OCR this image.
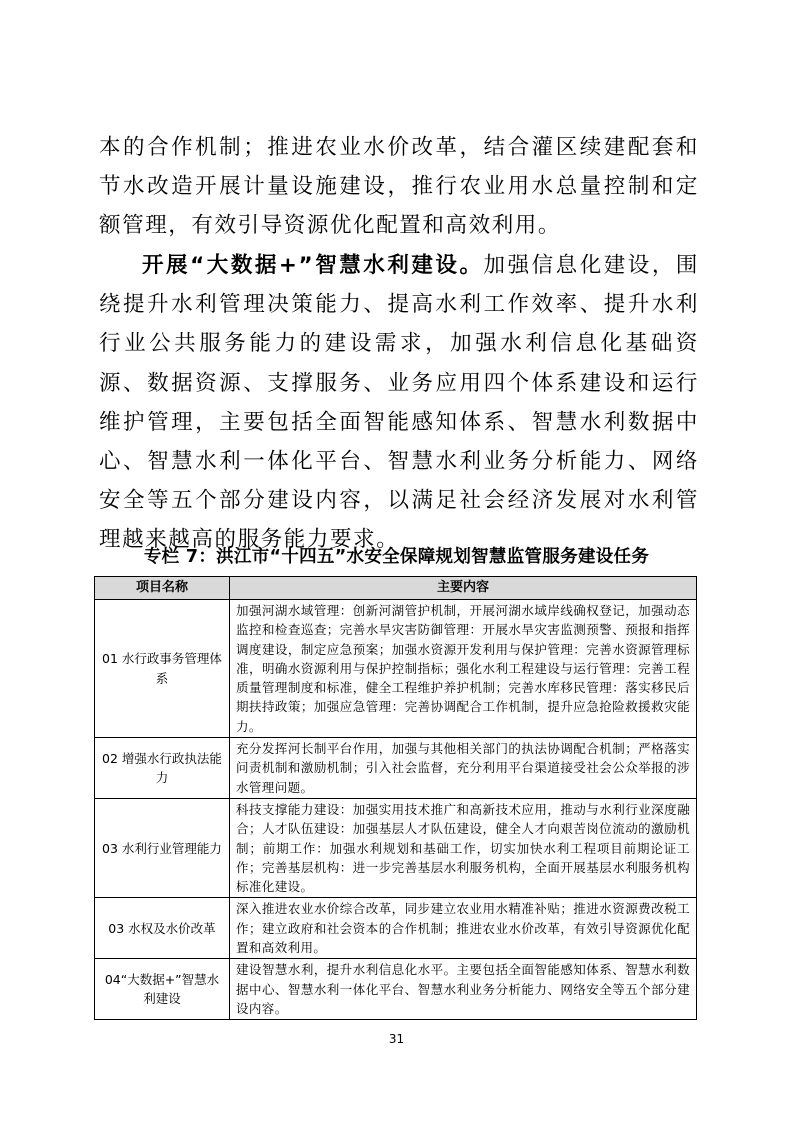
本的合作机制；推进农业水价改革，结合灌区续建配套和节水改造开展计量设施建设，推行农业用水总量控制和定额管理，有效引导资源优化配置和高效利用。

开展“大数据+”智慧水利建设。加强信息化建设，围绕提升水利管理决策能力、提高水利工作效率、提升水利行业公共服务能力的建设需求，加强水利信息化基础资源、数据资源、支撑服务、业务应用四个体系建设和运行维护管理，主要包括全面智能感知体系、智慧水利数据中心、智慧水利一体化平台、智慧水利业务分析能力、网络安全等五个部分建设内容，以满足社会经济发展对水利管理越来越高的服务能力要求。

专栏 7：洪江市“十四五”水安全保障规划智慧监管服务建设任务
项目名称	主要内容
01 水行政事务管理体系	加强河湖水域管理：创新河湖管护机制，开展河湖水域岸线确权登记，加强动态监控和检查巡查；完善水旱灾害防御管理：开展水旱灾害监测预警、预报和指挥调度建设，制定应急预案；加强水资源开发利用与保护管理：完善水资源管理标准，明确水资源利用与保护控制指标；强化水利工程建设与运行管理：完善工程质量管理制度和标准，健全工程维护养护机制；完善水库移民管理：落实移民后期扶持政策；加强应急管理：完善协调配合工作机制，提升应急抢险救援救灾能力。
02 增强水行政执法能力	充分发挥河长制平台作用，加强与其他相关部门的执法协调配合机制；严格落实问责机制和激励机制；引入社会监督，充分利用平台渠道接受社会公众举报的涉水管理问题。
03 水利行业管理能力	科技支撑能力建设：加强实用技术推广和高新技术应用，推动与水利行业深度融合；人才队伍建设：加强基层人才队伍建设，健全人才向艰苦岗位流动的激励机制；前期工作：加强水利规划和基础工作，切实加快水利工程项目前期论证工作；完善基层机构：进一步完善基层水利服务机构，全面开展基层水利服务机构标准化建设。
03 水权及水价改革	深入推进农业水价综合改革，同步建立农业用水精准补贴；推进水资源费改税工作；建立政府和社会资本的合作机制；推进农业水价改革，有效引导资源优化配置和高效利用。
04“大数据+”智慧水利建设	建设智慧水利，提升水利信息化水平。主要包括全面智能感知体系、智慧水利数据中心、智慧水利一体化平台、智慧水利业务分析能力、网络安全等五个部分建设内容。
31
